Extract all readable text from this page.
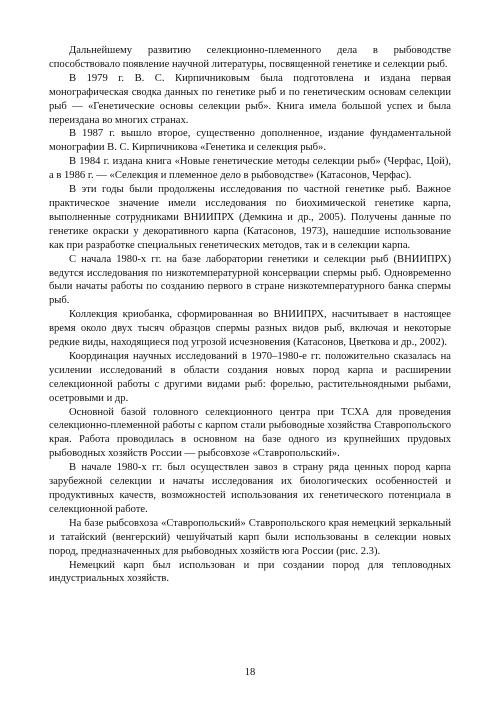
Дальнейшему развитию селекционно-племенного дела в рыбоводстве способствовало появление научной литературы, посвященной генетике и селекции рыб.

В 1979 г. В. С. Кирпичниковым была подготовлена и издана первая монографическая сводка данных по генетике рыб и по генетическим основам селекции рыб — «Генетические основы селекции рыб». Книга имела большой успех и была переиздана во многих странах.

В 1987 г. вышло второе, существенно дополненное, издание фундаментальной монографии В. С. Кирпичникова «Генетика и селекция рыб».

В 1984 г. издана книга «Новые генетические методы селекции рыб» (Черфас, Цой), а в 1986 г. — «Селекция и племенное дело в рыбоводстве» (Катасонов, Черфас).

В эти годы были продолжены исследования по частной генетике рыб. Важное практическое значение имели исследования по биохимической генетике карпа, выполненные сотрудниками ВНИИПРХ (Демкина и др., 2005). Получены данные по генетике окраски у декоративного карпа (Катасонов, 1973), нашедшие использование как при разработке специальных генетических методов, так и в селекции карпа.

С начала 1980-х гг. на базе лаборатории генетики и селекции рыб (ВНИИПРХ) ведутся исследования по низкотемпературной консервации спермы рыб. Одновременно были начаты работы по созданию первого в стране низкотемпературного банка спермы рыб.

Коллекция криобанка, сформированная во ВНИИПРХ, насчитывает в настоящее время около двух тысяч образцов спермы разных видов рыб, включая и некоторые редкие виды, находящиеся под угрозой исчезновения (Катасонов, Цветкова и др., 2002).

Координация научных исследований в 1970–1980-е гг. положительно сказалась на усилении исследований в области создания новых пород карпа и расширении селекционной работы с другими видами рыб: форелью, растительноядными рыбами, осетровыми и др.

Основной базой головного селекционного центра при ТСХА для проведения селекционно-племенной работы с карпом стали рыбоводные хозяйства Ставропольского края. Работа проводилась в основном на базе одного из крупнейших прудовых рыбоводных хозяйств России — рыбсовхозе «Ставропольский».

В начале 1980-х гг. был осуществлен завоз в страну ряда ценных пород карпа зарубежной селекции и начаты исследования их биологических особенностей и продуктивных качеств, возможностей использования их генетического потенциала в селекционной работе.

На базе рыбсовхоза «Ставропольский» Ставропольского края немецкий зеркальный и татайский (венгерский) чешуйчатый карп были использованы в селекции новых пород, предназначенных для рыбоводных хозяйств юга России (рис. 2.3).

Немецкий карп был использован и при создании пород для тепловодных индустриальных хозяйств.

18
